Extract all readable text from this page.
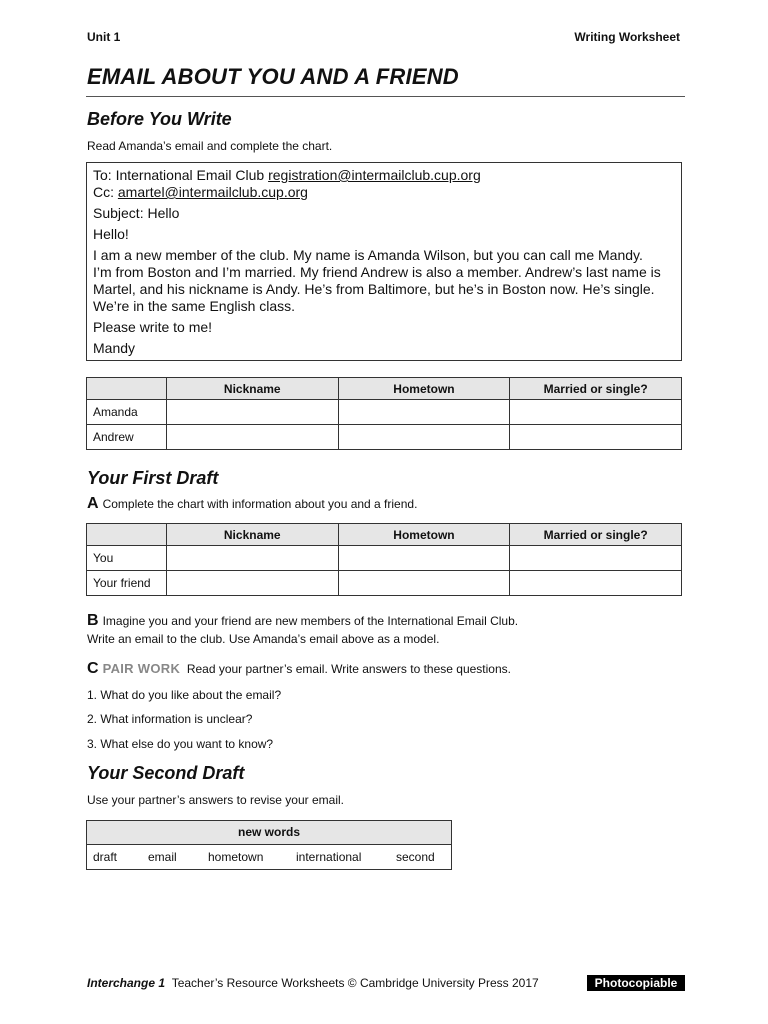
Unit 1	Writing Worksheet
EMAIL ABOUT YOU AND A FRIEND
Before You Write
Read Amanda’s email and complete the chart.
To: International Email Club registration@intermailclub.cup.org
Cc: amartel@intermailclub.cup.org
Subject: Hello
Hello!
I am a new member of the club. My name is Amanda Wilson, but you can call me Mandy.
I’m from Boston and I’m married. My friend Andrew is also a member. Andrew’s last name is
Martel, and his nickname is Andy. He’s from Baltimore, but he’s in Boston now. He’s single.
We’re in the same English class.
Please write to me!
Mandy
	Nickname	Hometown	Married or single?
Amanda			
Andrew			
Your First Draft
A Complete the chart with information about you and a friend.
	Nickname	Hometown	Married or single?
You			
Your friend			
B Imagine you and your friend are new members of the International Email Club.
Write an email to the club. Use Amanda’s email above as a model.
C PAIR WORK Read your partner’s email. Write answers to these questions.
1. What do you like about the email?
2. What information is unclear?
3. What else do you want to know?
Your Second Draft
Use your partner’s answers to revise your email.
new words
draft	email	hometown	international	second
Interchange 1 Teacher’s Resource Worksheets © Cambridge University Press 2017	Photocopiable
